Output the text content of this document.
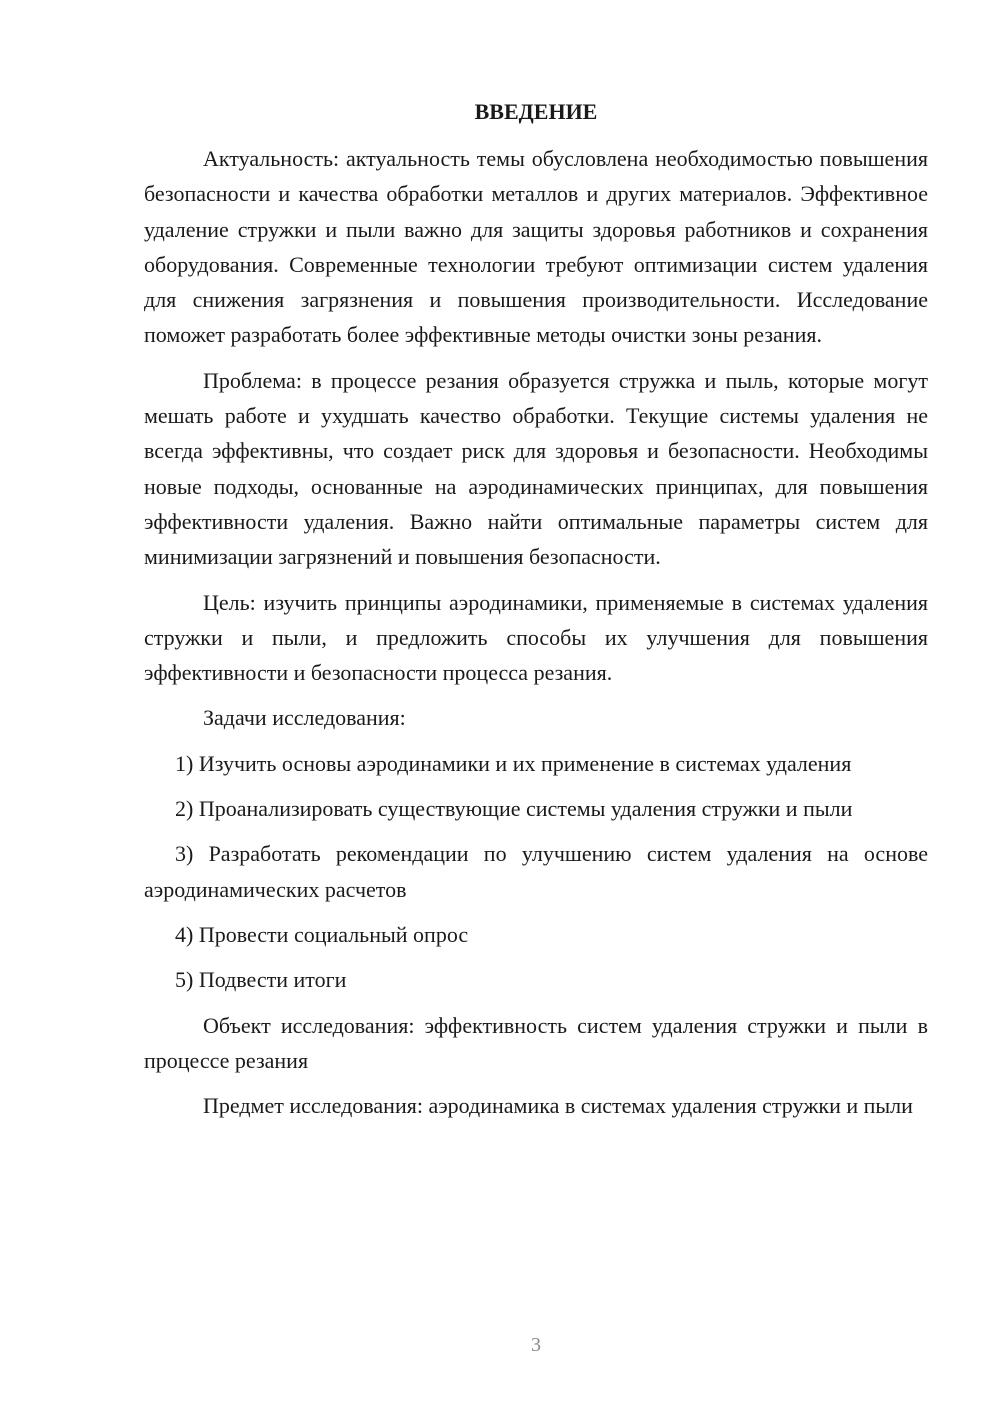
ВВЕДЕНИЕ

Актуальность: актуальность темы обусловлена необходимостью повышения безопасности и качества обработки металлов и других материалов. Эффективное удаление стружки и пыли важно для защиты здоровья работников и сохранения оборудования. Современные технологии требуют оптимизации систем удаления для снижения загрязнения и повышения производительности. Исследование поможет разработать более эффективные методы очистки зоны резания.

Проблема: в процессе резания образуется стружка и пыль, которые могут мешать работе и ухудшать качество обработки. Текущие системы удаления не всегда эффективны, что создает риск для здоровья и безопасности. Необходимы новые подходы, основанные на аэродинамических принципах, для повышения эффективности удаления. Важно найти оптимальные параметры систем для минимизации загрязнений и повышения безопасности.

Цель: изучить принципы аэродинамики, применяемые в системах удаления стружки и пыли, и предложить способы их улучшения для повышения эффективности и безопасности процесса резания.

Задачи исследования:

1) Изучить основы аэродинамики и их применение в системах удаления

2) Проанализировать существующие системы удаления стружки и пыли

3) Разработать рекомендации по улучшению систем удаления на основе аэродинамических расчетов

4) Провести социальный опрос

5) Подвести итоги

Объект исследования: эффективность систем удаления стружки и пыли в процессе резания

Предмет исследования: аэродинамика в системах удаления стружки и пыли

3
